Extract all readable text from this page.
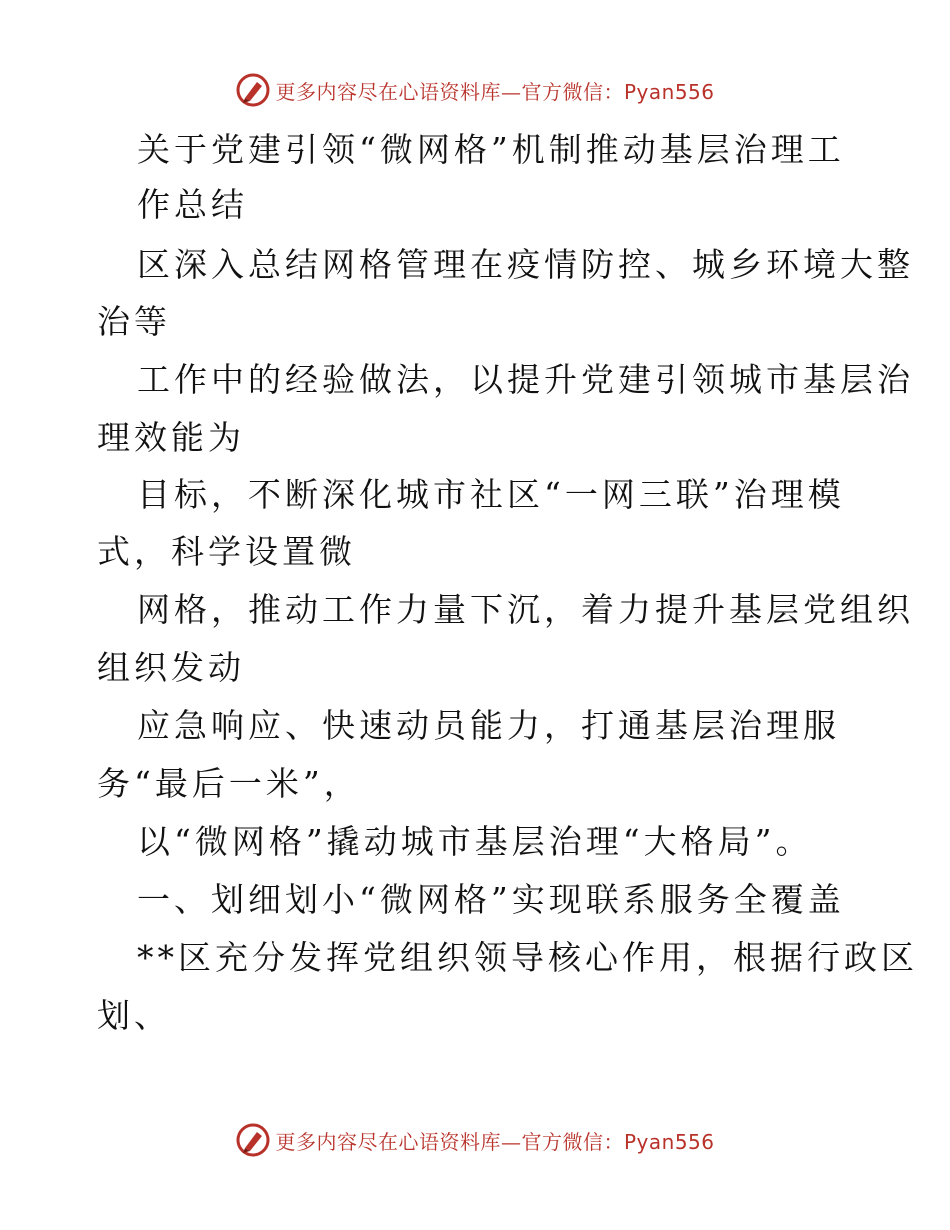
更多内容尽在心语资料库—官方微信：Pyan556
关于党建引领“微网格”机制推动基层治理工
作总结
区深入总结网格管理在疫情防控、城乡环境大整
治等
工作中的经验做法，以提升党建引领城市基层治
理效能为
目标，不断深化城市社区“一网三联”治理模
式，科学设置微
网格，推动工作力量下沉，着力提升基层党组织
组织发动
应急响应、快速动员能力，打通基层治理服
务“最后一米”，
以“微网格”撬动城市基层治理“大格局”。
一、划细划小“微网格”实现联系服务全覆盖
**区充分发挥党组织领导核心作用，根据行政区
划、
更多内容尽在心语资料库—官方微信：Pyan556
